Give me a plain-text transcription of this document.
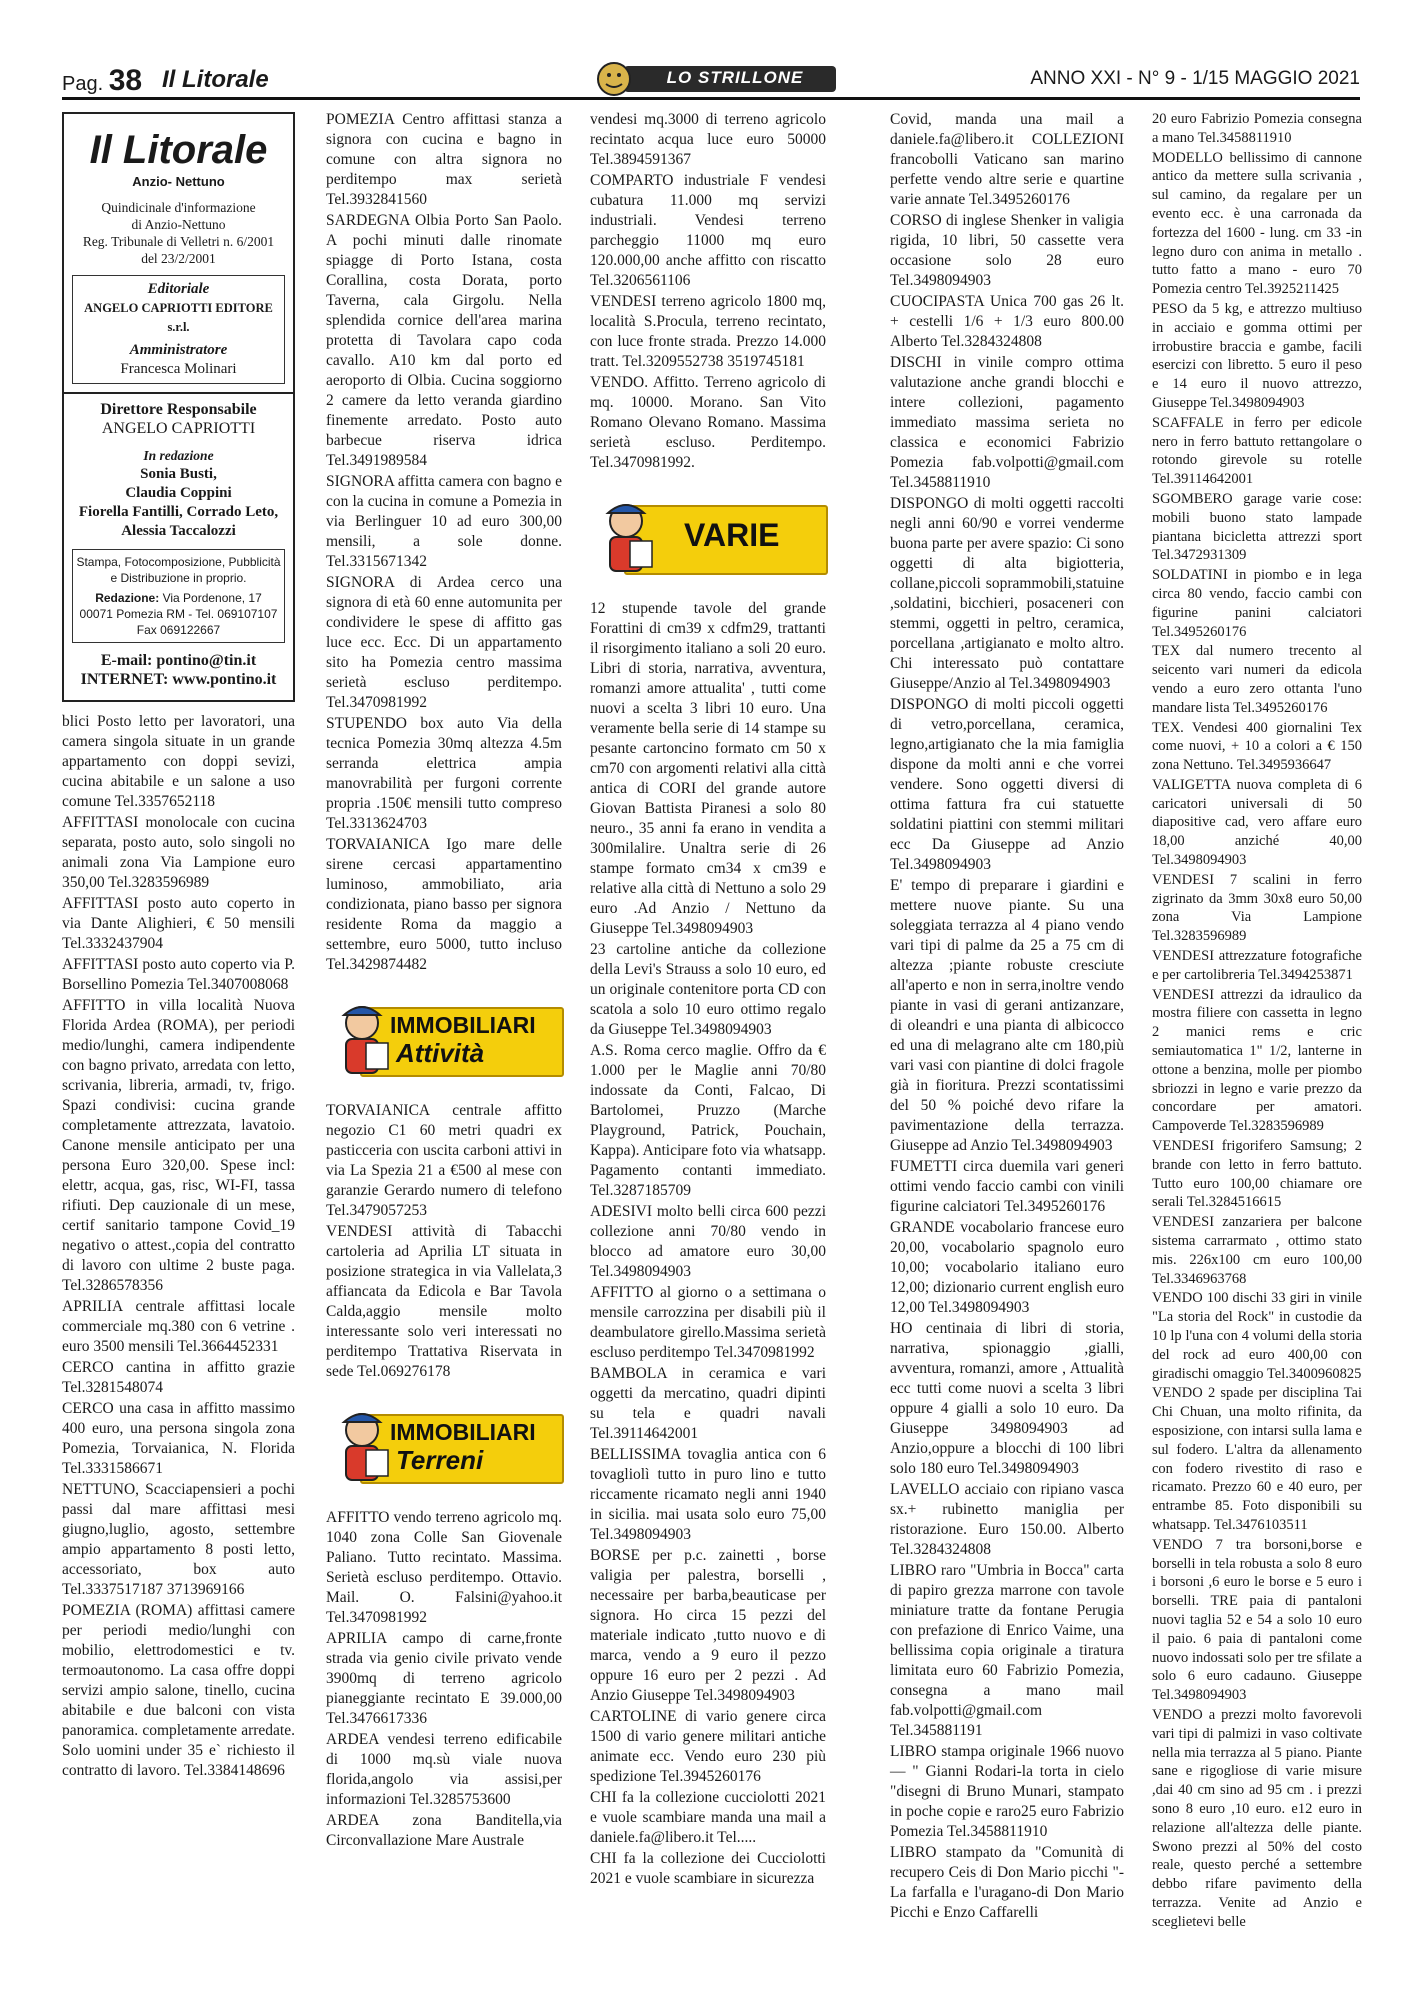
Pag. 38 Il Litorale	LO STRILLONE	ANNO XXI - N° 9 - 1/15 MAGGIO 2021
Il Litorale
Anzio- Nettuno
Quindicinale d'informazione
di Anzio-Nettuno
Reg. Tribunale di Velletri n. 6/2001
del 23/2/2001
Editoriale
ANGELO CAPRIOTTI EDITORE s.r.l.
Amministratore
Francesca Molinari
Direttore Responsabile
ANGELO CAPRIOTTI
In redazione
Sonia Busti,
Claudia Coppini
Fiorella Fantilli, Corrado Leto,
Alessia Taccalozzi
Stampa, Fotocomposizione, Pubblicità
e Distribuzione in proprio.
Redazione: Via Pordenone, 17
00071 Pomezia RM - Tel. 069107107
Fax 069122667
E-mail: pontino@tin.it
INTERNET: www.pontino.it

blici Posto letto per lavoratori, una camera singola situate in un grande appartamento con doppi sevizi, cucina abitabile e un salone a uso comune Tel.3357652118

AFFITTASI monolocale con cucina separata, posto auto, solo singoli no animali zona Via Lampione euro 350,00 Tel.3283596989

AFFITTASI posto auto coperto in via Dante Alighieri, € 50 mensili Tel.3332437904

AFFITTASI posto auto coperto via P. Borsellino Pomezia Tel.3407008068

AFFITTO in villa località Nuova Florida Ardea (ROMA), per periodi medio/lunghi, camera indipendente con bagno privato, arredata con letto, scrivania, libreria, armadi, tv, frigo. Spazi condivisi: cucina grande completamente attrezzata, lavatoio. Canone mensile anticipato per una persona Euro 320,00. Spese incl: elettr, acqua, gas, risc, WI-FI, tassa rifiuti. Dep cauzionale di un mese, certif sanitario tampone Covid_19 negativo o attest.,copia del contratto di lavoro con ultime 2 buste paga. Tel.3286578356

APRILIA centrale affittasi locale commerciale mq.380 con 6 vetrine . euro 3500 mensili Tel.3664452331

CERCO cantina in affitto grazie Tel.3281548074

CERCO una casa in affitto massimo 400 euro, una persona singola zona Pomezia, Torvaianica, N. Florida Tel.3331586671

NETTUNO, Scacciapensieri a pochi passi dal mare affittasi mesi giugno,luglio, agosto, settembre ampio appartamento 8 posti letto, accessoriato, box auto Tel.3337517187 3713969166

POMEZIA (ROMA) affittasi camere per periodi medio/lunghi con mobilio, elettrodomestici e tv. termoautonomo. La casa offre doppi servizi ampio salone, tinello, cucina abitabile e due balconi con vista panoramica. completamente arredate. Solo uomini under 35 e` richiesto il contratto di lavoro. Tel.3384148696

POMEZIA Centro affittasi stanza a signora con cucina e bagno in comune con altra signora no perditempo max serietà Tel.3932841560

SARDEGNA Olbia Porto San Paolo. A pochi minuti dalle rinomate spiagge di Porto Istana, costa Corallina, costa Dorata, porto Taverna, cala Girgolu. Nella splendida cornice dell'area marina protetta di Tavolara capo coda cavallo. A10 km dal porto ed aeroporto di Olbia. Cucina soggiorno 2 camere da letto veranda giardino finemente arredato. Posto auto barbecue riserva idrica Tel.3491989584

SIGNORA affitta camera con bagno e con la cucina in comune a Pomezia in via Berlinguer 10 ad euro 300,00 mensili, a sole donne. Tel.3315671342

SIGNORA di Ardea cerco una signora di età 60 enne automunita per condividere le spese di affitto gas luce ecc. Ecc. Di un appartamento sito ha Pomezia centro massima serietà escluso perditempo. Tel.3470981992

STUPENDO box auto Via della tecnica Pomezia 30mq altezza 4.5m serranda elettrica ampia manovrabilità per furgoni corrente propria .150€ mensili tutto compreso Tel.3313624703

TORVAIANICA Igo mare delle sirene cercasi appartamentino luminoso, ammobiliato, aria condizionata, piano basso per signora residente Roma da maggio a settembre, euro 5000, tutto incluso Tel.3429874482

IMMOBILIARI
Attività

TORVAIANICA centrale affitto negozio C1 60 metri quadri ex pasticceria con uscita carboni attivi in via La Spezia 21 a €500 al mese con garanzie Gerardo numero di telefono Tel.3479057253

VENDESI attività di Tabacchi cartoleria ad Aprilia LT situata in posizione strategica in via Vallelata,3 affiancata da Edicola e Bar Tavola Calda,aggio mensile molto interessante solo veri interessati no perditempo Trattativa Riservata in sede Tel.069276178

IMMOBILIARI
Terreni

AFFITTO vendo terreno agricolo mq. 1040 zona Colle San Giovenale Paliano. Tutto recintato. Massima. Serietà escluso perditempo. Ottavio. Mail. O. Falsini@yahoo.it Tel.3470981992

APRILIA campo di carne,fronte strada via genio civile privato vende 3900mq di terreno agricolo pianeggiante recintato E 39.000,00 Tel.3476617336

ARDEA vendesi terreno edificabile di 1000 mq.sù viale nuova florida,angolo via assisi,per informazioni Tel.3285753600

ARDEA zona Banditella,via Circonvallazione Mare Australe

vendesi mq.3000 di terreno agricolo recintato acqua luce euro 50000 Tel.3894591367

COMPARTO industriale F vendesi cubatura 11.000 mq servizi industriali. Vendesi terreno parcheggio 11000 mq euro 120.000,00 anche affitto con riscatto Tel.3206561106

VENDESI terreno agricolo 1800 mq, località S.Procula, terreno recintato, con luce fronte strada. Prezzo 14.000 tratt. Tel.3209552738 3519745181

VENDO. Affitto. Terreno agricolo di mq. 10000. Morano. San Vito Romano Olevano Romano. Massima serietà escluso. Perditempo. Tel.3470981992.

VARIE

12 stupende tavole del grande Forattini di cm39 x cdfm29, trattanti il risorgimento italiano a soli 20 euro. Libri di storia, narrativa, avventura, romanzi amore attualita' , tutti come nuovi a scelta 3 libri 10 euro. Una veramente bella serie di 14 stampe su pesante cartoncino formato cm 50 x cm70 con argomenti relativi alla città antica di CORI del grande autore Giovan Battista Piranesi a solo 80 neuro., 35 anni fa erano in vendita a 300milalire. Unaltra serie di 26 stampe formato cm34 x cm39 e relative alla città di Nettuno a solo 29 euro .Ad Anzio / Nettuno da Giuseppe Tel.3498094903

23 cartoline antiche da collezione della Levi's Strauss a solo 10 euro, ed un originale contenitore porta CD con scatola a solo 10 euro ottimo regalo da Giuseppe Tel.3498094903

A.S. Roma cerco maglie. Offro da € 1.000 per le Maglie anni 70/80 indossate da Conti, Falcao, Di Bartolomei, Pruzzo (Marche Playground, Patrick, Pouchain, Kappa). Anticipare foto via whatsapp. Pagamento contanti immediato. Tel.3287185709

ADESIVI molto belli circa 600 pezzi collezione anni 70/80 vendo in blocco ad amatore euro 30,00 Tel.3498094903

AFFITTO al giorno o a settimana o mensile carrozzina per disabili più il deambulatore girello.Massima serietà escluso perditempo Tel.3470981992

BAMBOLA in ceramica e vari oggetti da mercatino, quadri dipinti su tela e quadri navali Tel.39114642001

BELLISSIMA tovaglia antica con 6 tovagliolì tutto in puro lino e tutto riccamente ricamato negli anni 1940 in sicilia. mai usata solo euro 75,00 Tel.3498094903

BORSE per p.c. zainetti , borse valigia per palestra, borselli , necessaire per barba,beauticase per signora. Ho circa 15 pezzi del materiale indicato ,tutto nuovo e di marca, vendo a 9 euro il pezzo oppure 16 euro per 2 pezzi . Ad Anzio Giuseppe Tel.3498094903

CARTOLINE di vario genere circa 1500 di vario genere militari antiche animate ecc. Vendo euro 230 più spedizione Tel.3945260176

CHI fa la collezione cucciolotti 2021 e vuole scambiare manda una mail a daniele.fa@libero.it Tel.....

CHI fa la collezione dei Cucciolotti 2021 e vuole scambiare in sicurezza

Covid, manda una mail a daniele.fa@libero.it COLLEZIONI francobolli Vaticano san marino perfette vendo altre serie e quartine varie annate Tel.3495260176

CORSO di inglese Shenker in valigia rigida, 10 libri, 50 cassette vera occasione solo 28 euro Tel.3498094903

CUOCIPASTA Unica 700 gas 26 lt. + cestelli 1/6 + 1/3 euro 800.00 Alberto Tel.3284324808

DISCHI in vinile compro ottima valutazione anche grandi blocchi e intere collezioni, pagamento immediato massima serieta no classica e economici Fabrizio Pomezia fab.volpotti@gmail.com Tel.3458811910

DISPONGO di molti oggetti raccolti negli anni 60/90 e vorrei venderme buona parte per avere spazio: Ci sono oggetti di alta bigiotteria, collane,piccoli soprammobili,statuine ,soldatini, bicchieri, posaceneri con stemmi, oggetti in peltro, ceramica, porcellana ,artigianato e molto altro. Chi interessato può contattare Giuseppe/Anzio al Tel.3498094903

DISPONGO di molti piccoli oggetti di vetro,porcellana, ceramica, legno,artigianato che la mia famiglia dispone da molti anni e che vorrei vendere. Sono oggetti diversi di ottima fattura fra cui statuette soldatini piattini con stemmi militari ecc Da Giuseppe ad Anzio Tel.3498094903

E' tempo di preparare i giardini e mettere nuove piante. Su una soleggiata terrazza al 4 piano vendo vari tipi di palme da 25 a 75 cm di altezza ;piante robuste cresciute all'aperto e non in serra,inoltre vendo piante in vasi di gerani antizanzare, di oleandri e una pianta di albicocco ed una di melagrano alte cm 180,più vari vasi con piantine di dolci fragole già in fioritura. Prezzi scontatissimi del 50 % poiché devo rifare la pavimentazione della terrazza. Giuseppe ad Anzio Tel.3498094903

FUMETTI circa duemila vari generi ottimi vendo faccio cambi con vinili figurine calciatori Tel.3495260176

GRANDE vocabolario francese euro 20,00, vocabolario spagnolo euro 10,00; vocabolario italiano euro 12,00; dizionario current english euro 12,00 Tel.3498094903

HO centinaia di libri di storia, narrativa, spionaggio ,gialli, avventura, romanzi, amore , Attualità ecc tutti come nuovi a scelta 3 libri oppure 4 gialli a solo 10 euro. Da Giuseppe 3498094903 ad Anzio,oppure a blocchi di 100 libri solo 180 euro Tel.3498094903

LAVELLO acciaio con ripiano vasca sx.+ rubinetto maniglia per ristorazione. Euro 150.00. Alberto Tel.3284324808

LIBRO raro "Umbria in Bocca" carta di papiro grezza marrone con tavole miniature tratte da fontane Perugia con prefazione di Enrico Vaime, una bellissima copia originale a tiratura limitata euro 60 Fabrizio Pomezia, consegna a mano mail fab.volpotti@gmail.com Tel.345881191

LIBRO stampa originale 1966 nuovo — " Gianni Rodari-la torta in cielo "disegni di Bruno Munari, stampato in poche copie e raro25 euro Fabrizio Pomezia Tel.3458811910

LIBRO stampato da "Comunità di recupero Ceis di Don Mario picchi "-La farfalla e l'uragano-di Don Mario Picchi e Enzo Caffarelli

20 euro Fabrizio Pomezia consegna a mano Tel.3458811910

MODELLO bellissimo di cannone antico da mettere sulla scrivania , sul camino, da regalare per un evento ecc. è una carronada da fortezza del 1600 - lung. cm 33 -in legno duro con anima in metallo . tutto fatto a mano - euro 70 Pomezia centro Tel.3925211425

PESO da 5 kg, e attrezzo multiuso in acciaio e gomma ottimi per irrobustire braccia e gambe, facili esercizi con libretto. 5 euro il peso e 14 euro il nuovo attrezzo, Giuseppe Tel.3498094903

SCAFFALE in ferro per edicole nero in ferro battuto rettangolare o rotondo girevole su rotelle Tel.39114642001

SGOMBERO garage varie cose: mobili buono stato lampade piantana bicicletta attrezzi sport Tel.3472931309

SOLDATINI in piombo e in lega circa 80 vendo, faccio cambi con figurine panini calciatori Tel.3495260176

TEX dal numero trecento al seicento vari numeri da edicola vendo a euro zero ottanta l'uno mandare lista Tel.3495260176

TEX. Vendesi 400 giornalini Tex come nuovi, + 10 a colori a € 150 zona Nettuno. Tel.3495936647

VALIGETTA nuova completa di 6 caricatori universali di 50 diapositive cad, vero affare euro 18,00 anziché 40,00 Tel.3498094903

VENDESI 7 scalini in ferro zigrinato da 3mm 30x8 euro 50,00 zona Via Lampione Tel.3283596989

VENDESI attrezzature fotografiche e per cartolibreria Tel.3494253871

VENDESI attrezzi da idraulico da mostra filiere con cassetta in legno 2 manici rems e cric semiautomatica 1" 1/2, lanterne in ottone a benzina, molle per piombo sbriozzi in legno e varie prezzo da concordare per amatori. Campoverde Tel.3283596989

VENDESI frigorifero Samsung; 2 brande con letto in ferro battuto. Tutto euro 100,00 chiamare ore serali Tel.3284516615

VENDESI zanzariera per balcone sistema carrarmato , ottimo stato mis. 226x100 cm euro 100,00 Tel.3346963768

VENDO 100 dischi 33 giri in vinile "La storia del Rock" in custodie da 10 lp l'una con 4 volumi della storia del rock ad euro 400,00 con giradischi omaggio Tel.3400960825

VENDO 2 spade per disciplina Tai Chi Chuan, una molto rifinita, da esposizione, con intarsi sulla lama e sul fodero. L'altra da allenamento con fodero rivestito di raso e ricamato. Prezzo 60 e 40 euro, per entrambe 85. Foto disponibili su whatsapp. Tel.3476103511

VENDO 7 tra borsoni,borse e borselli in tela robusta a solo 8 euro i borsoni ,6 euro le borse e 5 euro i borselli. TRE paia di pantaloni nuovi taglia 52 e 54 a solo 10 euro il paio. 6 paia di pantaloni come nuovo indossati solo per tre sfilate a solo 6 euro cadauno. Giuseppe Tel.3498094903

VENDO a prezzi molto favorevoli vari tipi di palmizi in vaso coltivate nella mia terrazza al 5 piano. Piante sane e rigogliose di varie misure ,dai 40 cm sino ad 95 cm . i prezzi sono 8 euro ,10 euro. e12 euro in relazione all'altezza delle piante. Swono prezzi al 50% del costo reale, questo perché a settembre debbo rifare pavimento della terrazza. Venite ad Anzio e sceglietevi belle
